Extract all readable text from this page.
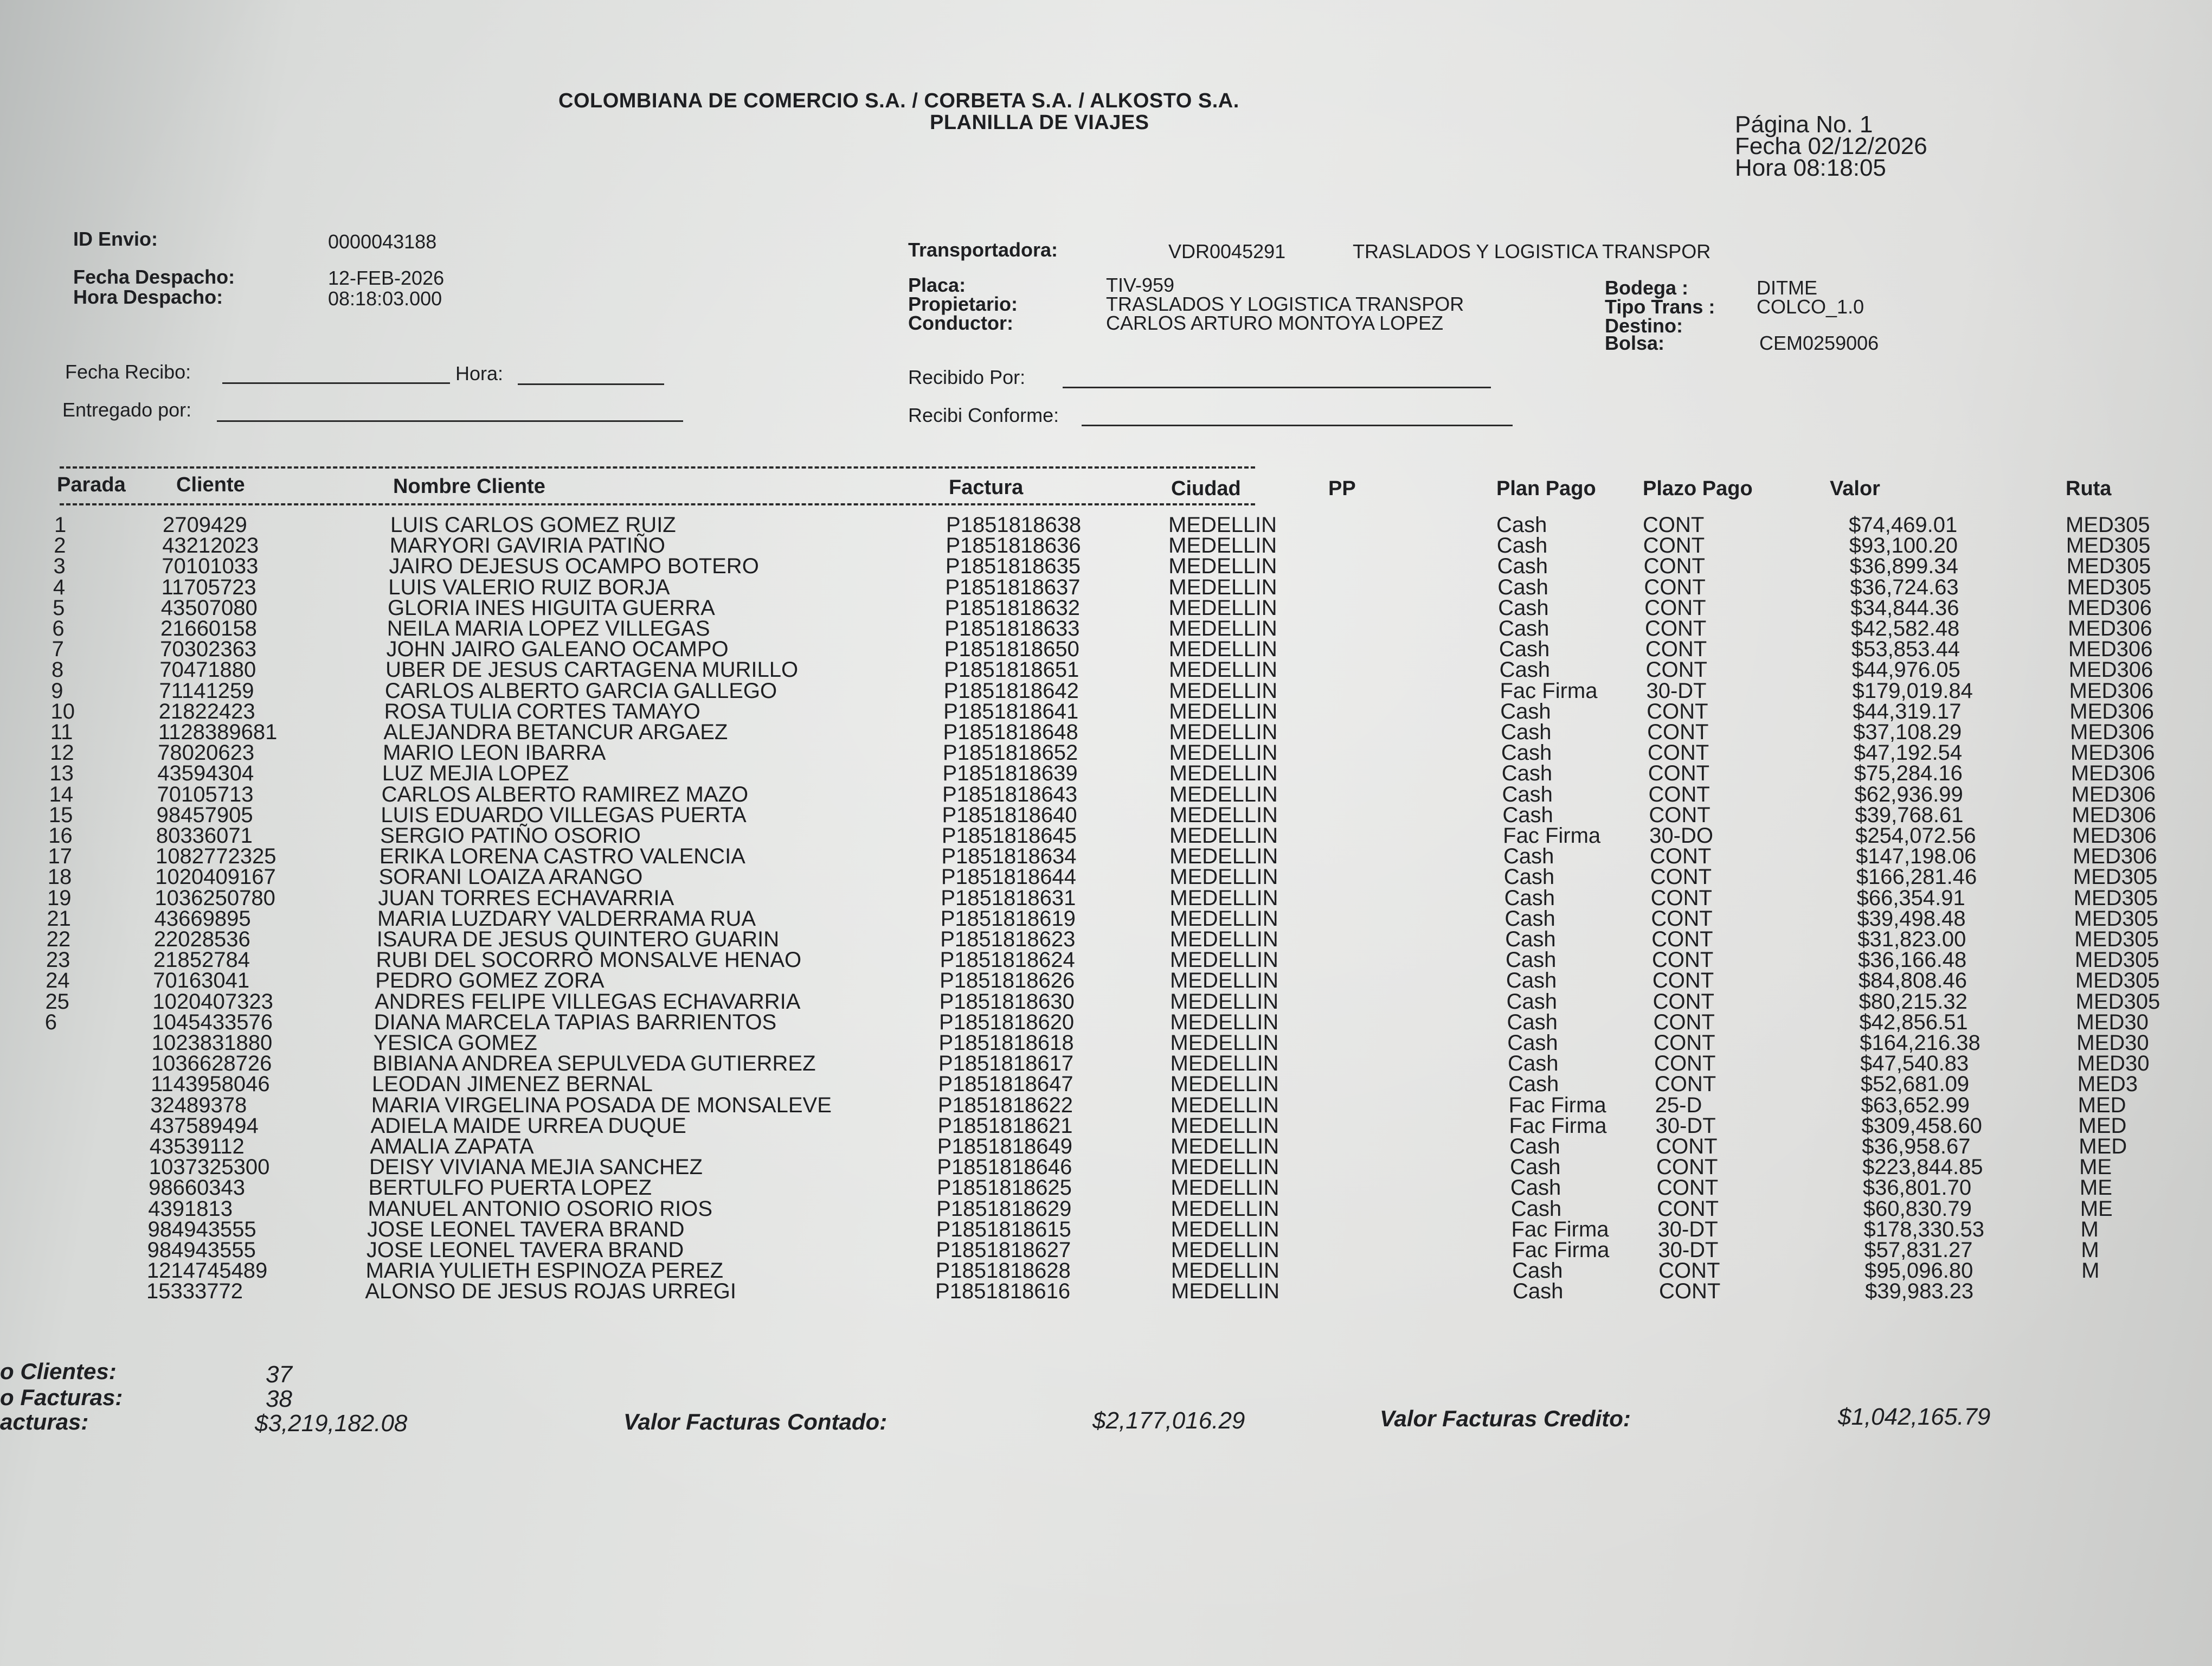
COLOMBIANA DE COMERCIO S.A. / CORBETA S.A. / ALKOSTO S.A.
PLANILLA DE VIAJES	Página No. 1
Fecha 02/12/2026
Hora 08:18:05
ID Envio:	0000043188
Fecha Despacho:	12-FEB-2026
Hora Despacho:	08:18:03.000
Fecha Recibo:	Hora:
Entregado por:
Transportadora:	VDR0045291	TRASLADOS Y LOGISTICA TRANSPOR
Placa:	TIV-959
Propietario:	TRASLADOS Y LOGISTICA TRANSPOR
Conductor:	CARLOS ARTURO MONTOYA LOPEZ
Recibido Por:
Recibi Conforme:
Bodega :	DITME
Tipo Trans : COLCO_1.0
Destino:
Bolsa:	CEM0259006
Parada Cliente	Nombre Cliente	Factura	Ciudad	PP	Plan Pago Plazo Pago	Valor	Ruta
1	2709429	LUIS CARLOS GOMEZ RUIZ	P1851818638	MEDELLIN	Cash	CONT	$74,469.01	MED305
2	43212023	MARYORI GAVIRIA PATIÑO	P1851818636	MEDELLIN	Cash	CONT	$93,100.20	MED305
3	70101033	JAIRO DEJESUS OCAMPO BOTERO	P1851818635	MEDELLIN	Cash	CONT	$36,899.34	MED305
4	11705723	LUIS VALERIO RUIZ BORJA	P1851818637	MEDELLIN	Cash	CONT	$36,724.63	MED305
5	43507080	GLORIA INES HIGUITA GUERRA	P1851818632	MEDELLIN	Cash	CONT	$34,844.36	MED306
6	21660158	NEILA MARIA LOPEZ VILLEGAS	P1851818633	MEDELLIN	Cash	CONT	$42,582.48	MED306
7	70302363	JOHN JAIRO GALEANO OCAMPO	P1851818650	MEDELLIN	Cash	CONT	$53,853.44	MED306
8	70471880	UBER DE JESUS CARTAGENA MURILLO	P1851818651	MEDELLIN	Cash	CONT	$44,976.05	MED306
9	71141259	CARLOS ALBERTO GARCIA GALLEGO	P1851818642	MEDELLIN	Fac Firma 30-DT	$179,019.84	MED306
10	21822423	ROSA TULIA CORTES TAMAYO	P1851818641	MEDELLIN	Cash	CONT	$44,319.17	MED306
11	1128389681	ALEJANDRA BETANCUR ARGAEZ	P1851818648	MEDELLIN	Cash	CONT	$37,108.29	MED306
12	78020623	MARIO LEON IBARRA	P1851818652	MEDELLIN	Cash	CONT	$47,192.54	MED306
13	43594304	LUZ MEJIA LOPEZ	P1851818639	MEDELLIN	Cash	CONT	$75,284.16	MED306
14	70105713	CARLOS ALBERTO RAMIREZ MAZO	P1851818643	MEDELLIN	Cash	CONT	$62,936.99	MED306
15	98457905	LUIS EDUARDO VILLEGAS PUERTA	P1851818640	MEDELLIN	Cash	CONT	$39,768.61	MED306
16	80336071	SERGIO PATIÑO OSORIO	P1851818645	MEDELLIN	Fac Firma 30-DO	$254,072.56	MED306
17	1082772325	ERIKA LORENA CASTRO VALENCIA	P1851818634	MEDELLIN	Cash	CONT	$147,198.06	MED306
18	1020409167	SORANI LOAIZA ARANGO	P1851818644	MEDELLIN	Cash	CONT	$166,281.46	MED305
19	1036250780	JUAN TORRES ECHAVARRIA	P1851818631	MEDELLIN	Cash	CONT	$66,354.91	MED305
21	43669895	MARIA LUZDARY VALDERRAMA RUA	P1851818619	MEDELLIN	Cash	CONT	$39,498.48	MED305
22	22028536	ISAURA DE JESUS QUINTERO GUARIN	P1851818623	MEDELLIN	Cash	CONT	$31,823.00	MED305
23	21852784	RUBI DEL SOCORRO MONSALVE HENAO	P1851818624	MEDELLIN	Cash	CONT	$36,166.48	MED305
24	70163041	PEDRO GOMEZ ZORA	P1851818626	MEDELLIN	Cash	CONT	$84,808.46	MED305
25	1020407323	ANDRES FELIPE VILLEGAS ECHAVARRIA	P1851818630	MEDELLIN	Cash	CONT	$80,215.32	MED305
6	1045433576	DIANA MARCELA TAPIAS BARRIENTOS	P1851818620	MEDELLIN	Cash	CONT	$42,856.51	MED30
1023831880	YESICA GOMEZ	P1851818618	MEDELLIN	Cash	CONT	$164,216.38	MED30
1036628726	BIBIANA ANDREA SEPULVEDA GUTIERREZ	P1851818617	MEDELLIN	Cash	CONT	$47,540.83	MED30
1143958046	LEODAN JIMENEZ BERNAL	P1851818647	MEDELLIN	Cash	CONT	$52,681.09	MED3
32489378	MARIA VIRGELINA POSADA DE MONSALEVE	P1851818622	MEDELLIN	Fac Firma 25-D	$63,652.99	MED
437589494	ADIELA MAIDE URREA DUQUE	P1851818621	MEDELLIN	Fac Firma 30-DT	$309,458.60	MED
43539112	AMALIA ZAPATA	P1851818649	MEDELLIN	Cash	CONT	$36,958.67	MED
1037325300	DEISY VIVIANA MEJIA SANCHEZ	P1851818646	MEDELLIN	Cash	CONT	$223,844.85	ME
98660343	BERTULFO PUERTA LOPEZ	P1851818625	MEDELLIN	Cash	CONT	$36,801.70	ME
4391813	MANUEL ANTONIO OSORIO RIOS	P1851818629	MEDELLIN	Cash	CONT	$60,830.79	ME
984943555	JOSE LEONEL TAVERA BRAND	P1851818615	MEDELLIN	Fac Firma 30-DT	$178,330.53	M
984943555	JOSE LEONEL TAVERA BRAND	P1851818627	MEDELLIN	Fac Firma 30-DT	$57,831.27	M
1214745489	MARIA YULIETH ESPINOZA PEREZ	P1851818628	MEDELLIN	Cash	CONT	$95,096.80	M
15333772	ALONSO DE JESUS ROJAS URREGI	P1851818616	MEDELLIN	Cash	CONT	$39,983.23
o Clientes:	37
o Facturas:	38
acturas:	$3,219,182.08	Valor Facturas Contado:	$2,177,016.29	Valor Facturas Credito:	$1,042,165.79
